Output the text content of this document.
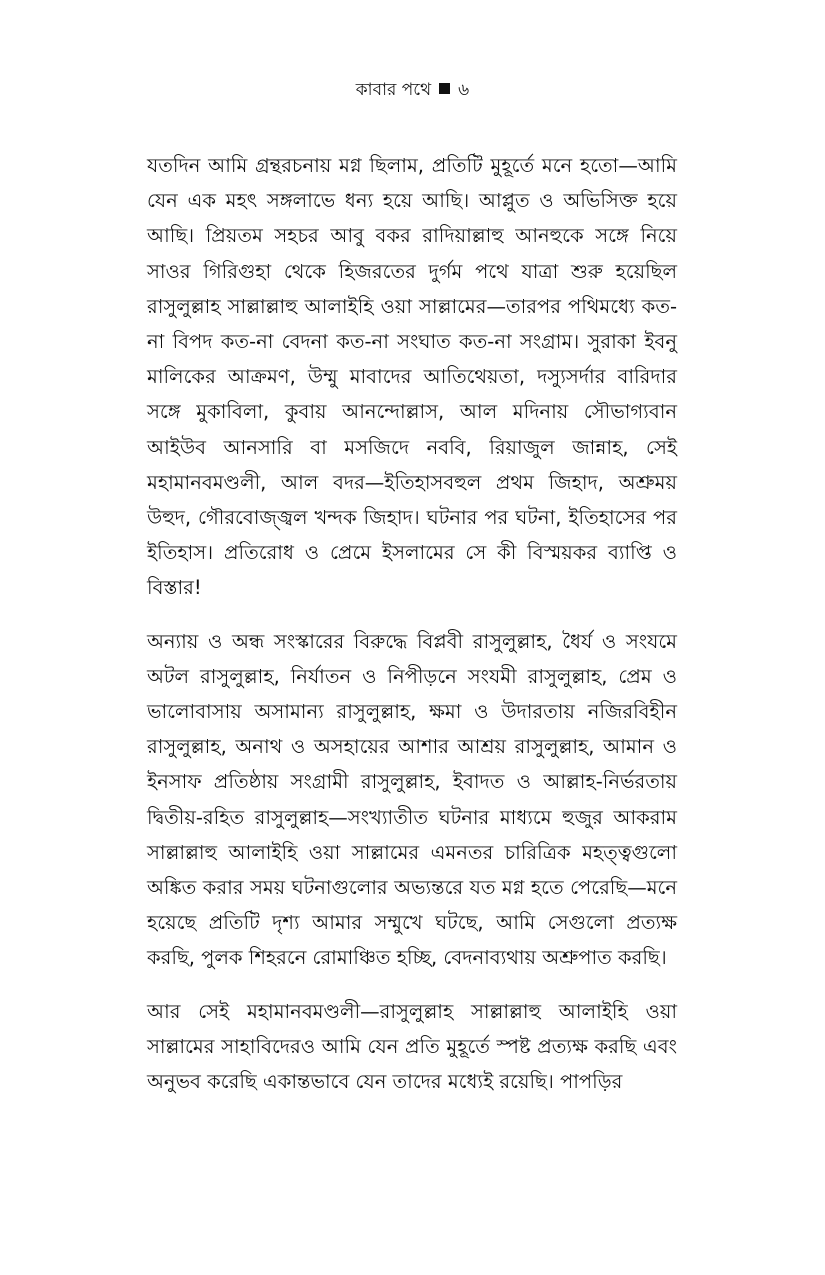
কাবার পথে ৬

যতদিন আমি গ্রন্থরচনায় মগ্ন ছিলাম, প্রতিটি মুহূর্তে মনে হতো—আমি যেন এক মহৎ সঙ্গলাভে ধন্য হয়ে আছি। আপ্লুত ও অভিসিক্ত হয়ে আছি। প্রিয়তম সহচর আবু বকর রাদিয়াল্লাহু আনহুকে সঙ্গে নিয়ে সাওর গিরিগুহা থেকে হিজরতের দুর্গম পথে যাত্রা শুরু হয়েছিল রাসুলুল্লাহ সাল্লাল্লাহু আলাইহি ওয়া সাল্লামের—তারপর পথিমধ্যে কত-না বিপদ কত-না বেদনা কত-না সংঘাত কত-না সংগ্রাম। সুরাকা ইবনু মালিকের আক্রমণ, উম্মু মাবাদের আতিথেয়তা, দস্যুসর্দার বারিদার সঙ্গে মুকাবিলা, কুবায় আনন্দোল্লাস, আল মদিনায় সৌভাগ্যবান আইউব আনসারি বা মসজিদে নববি, রিয়াজুল জান্নাহ, সেই মহামানবমণ্ডলী, আল বদর—ইতিহাসবহুল প্রথম জিহাদ, অশ্রুময় উহুদ, গৌরবোজ্জ্বল খন্দক জিহাদ। ঘটনার পর ঘটনা, ইতিহাসের পর ইতিহাস। প্রতিরোধ ও প্রেমে ইসলামের সে কী বিস্ময়কর ব্যাপ্তি ও বিস্তার!

অন্যায় ও অন্ধ সংস্কারের বিরুদ্ধে বিপ্লবী রাসুলুল্লাহ, ধৈর্য ও সংযমে অটল রাসুলুল্লাহ, নির্যাতন ও নিপীড়নে সংযমী রাসুলুল্লাহ, প্রেম ও ভালোবাসায় অসামান্য রাসুলুল্লাহ, ক্ষমা ও উদারতায় নজিরবিহীন রাসুলুল্লাহ, অনাথ ও অসহায়ের আশার আশ্রয় রাসুলুল্লাহ, আমান ও ইনসাফ প্রতিষ্ঠায় সংগ্রামী রাসুলুল্লাহ, ইবাদত ও আল্লাহ-নির্ভরতায় দ্বিতীয়-রহিত রাসুলুল্লাহ—সংখ্যাতীত ঘটনার মাধ্যমে হুজুর আকরাম সাল্লাল্লাহু আলাইহি ওয়া সাল্লামের এমনতর চারিত্রিক মহত্ত্বগুলো অঙ্কিত করার সময় ঘটনাগুলোর অভ্যন্তরে যত মগ্ন হতে পেরেছি—মনে হয়েছে প্রতিটি দৃশ্য আমার সম্মুখে ঘটছে, আমি সেগুলো প্রত্যক্ষ করছি, পুলক শিহরনে রোমাঞ্চিত হচ্ছি, বেদনাব্যথায় অশ্রুপাত করছি।

আর সেই মহামানবমণ্ডলী—রাসুলুল্লাহ সাল্লাল্লাহু আলাইহি ওয়া সাল্লামের সাহাবিদেরও আমি যেন প্রতি মুহূর্তে স্পষ্ট প্রত্যক্ষ করছি এবং অনুভব করেছি একান্তভাবে যেন তাদের মধ্যেই রয়েছি। পাপড়ির
